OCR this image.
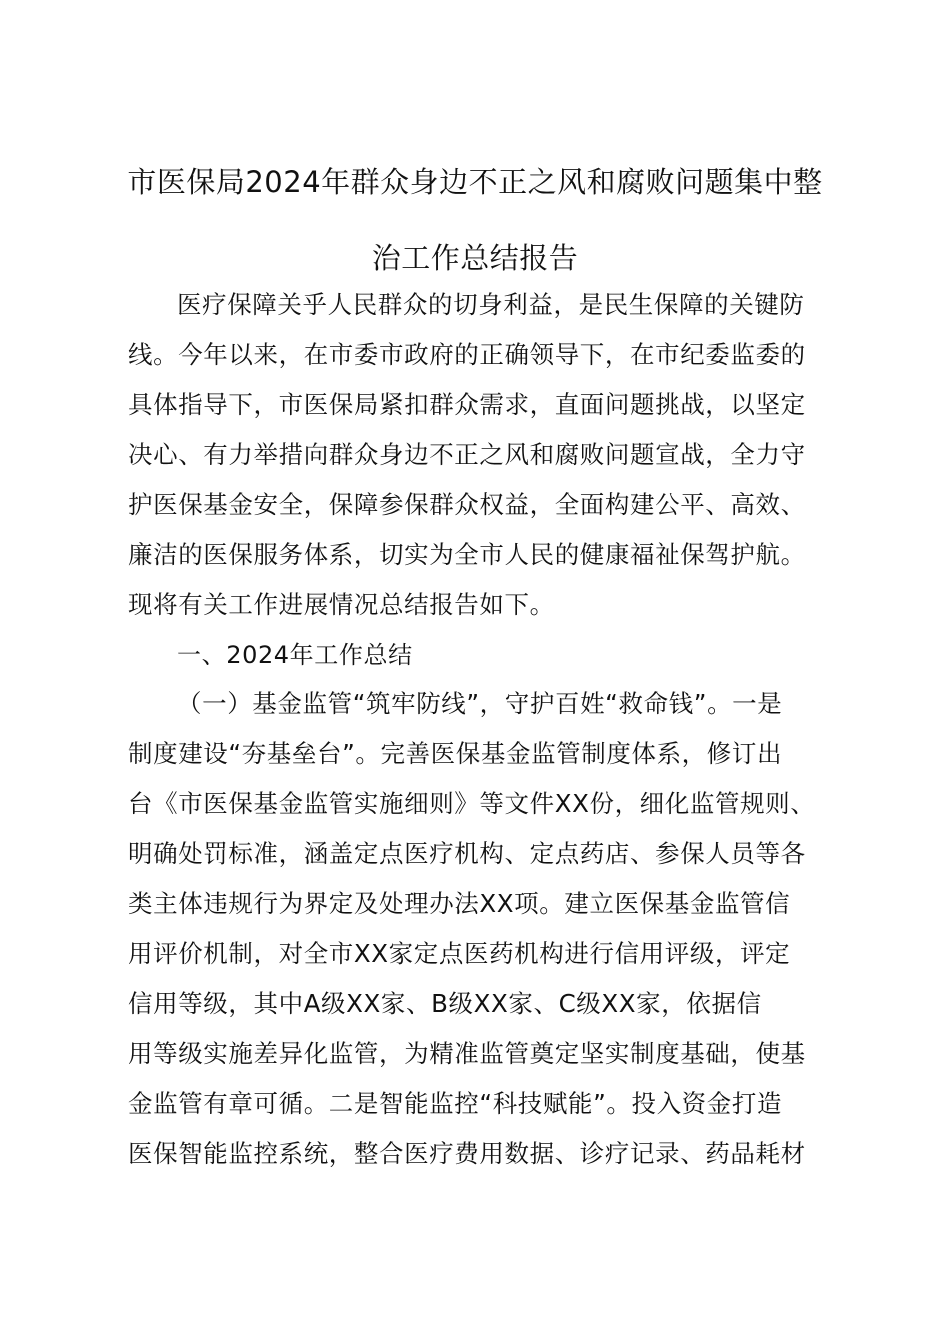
市医保局2024年群众身边不正之风和腐败问题集中整
治工作总结报告

医疗保障关乎人民群众的切身利益，是民生保障的关键防

线。今年以来，在市委市政府的正确领导下，在市纪委监委的

具体指导下，市医保局紧扣群众需求，直面问题挑战，以坚定

决心、有力举措向群众身边不正之风和腐败问题宣战，全力守

护医保基金安全，保障参保群众权益，全面构建公平、高效、

廉洁的医保服务体系，切实为全市人民的健康福祉保驾护航。

现将有关工作进展情况总结报告如下。

一、2024年工作总结

（一）基金监管“筑牢防线”，守护百姓“救命钱”。一是

制度建设“夯基垒台”。完善医保基金监管制度体系，修订出

台《市医保基金监管实施细则》等文件XX份，细化监管规则、

明确处罚标准，涵盖定点医疗机构、定点药店、参保人员等各

类主体违规行为界定及处理办法XX项。建立医保基金监管信

用评价机制，对全市XX家定点医药机构进行信用评级，评定

信用等级，其中A级XX家、B级XX家、C级XX家，依据信

用等级实施差异化监管，为精准监管奠定坚实制度基础，使基

金监管有章可循。二是智能监控“科技赋能”。投入资金打造

医保智能监控系统，整合医疗费用数据、诊疗记录、药品耗材
